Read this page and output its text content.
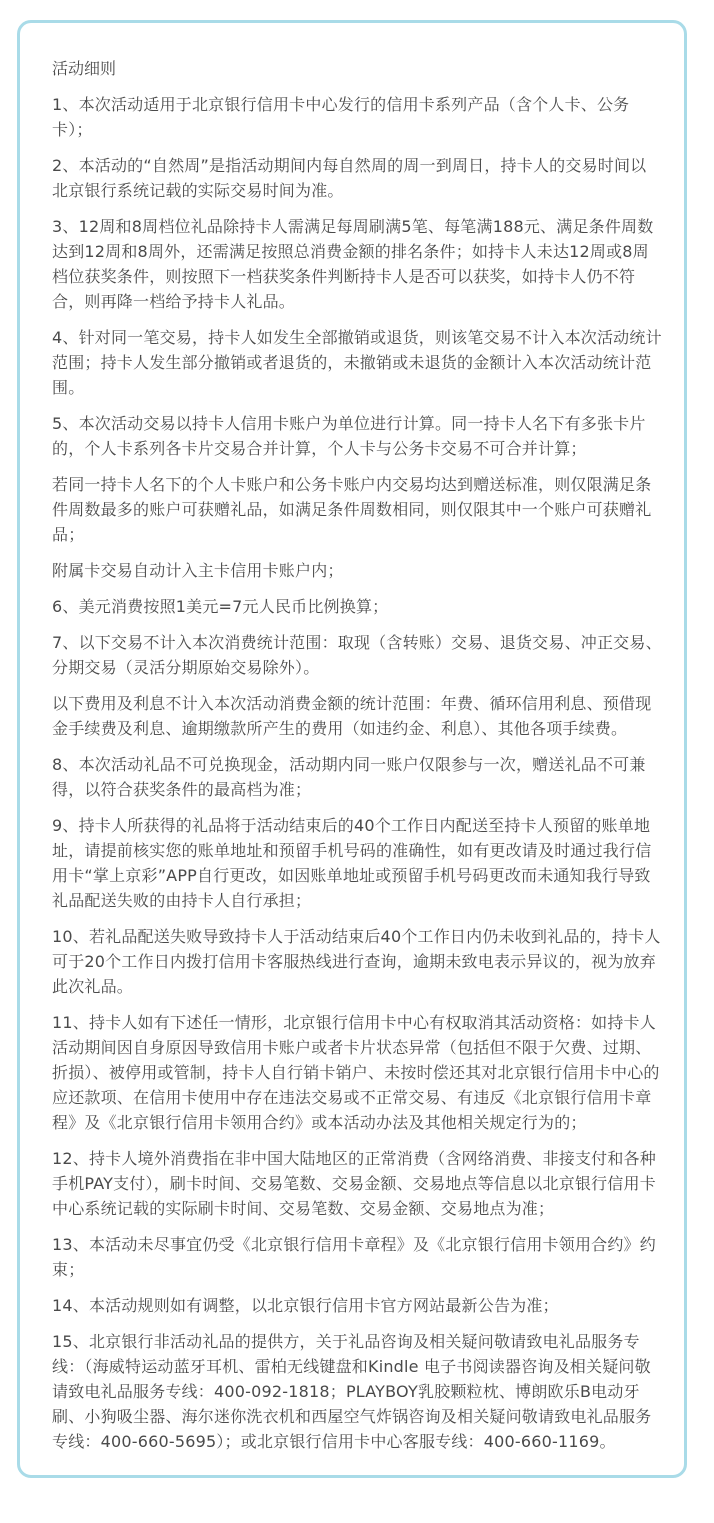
活动细则
1、本次活动适用于北京银行信用卡中心发行的信用卡系列产品（含个人卡、公务卡）；
2、本活动的“自然周”是指活动期间内每自然周的周一到周日，持卡人的交易时间以北京银行系统记载的实际交易时间为准。
3、12周和8周档位礼品除持卡人需满足每周刷满5笔、每笔满188元、满足条件周数达到12周和8周外，还需满足按照总消费金额的排名条件；如持卡人未达12周或8周档位获奖条件，则按照下一档获奖条件判断持卡人是否可以获奖，如持卡人仍不符合，则再降一档给予持卡人礼品。
4、针对同一笔交易，持卡人如发生全部撤销或退货，则该笔交易不计入本次活动统计范围；持卡人发生部分撤销或者退货的，未撤销或未退货的金额计入本次活动统计范围。
5、本次活动交易以持卡人信用卡账户为单位进行计算。同一持卡人名下有多张卡片的，个人卡系列各卡片交易合并计算，个人卡与公务卡交易不可合并计算；
若同一持卡人名下的个人卡账户和公务卡账户内交易均达到赠送标准，则仅限满足条件周数最多的账户可获赠礼品，如满足条件周数相同，则仅限其中一个账户可获赠礼品；
附属卡交易自动计入主卡信用卡账户内；
6、美元消费按照1美元=7元人民币比例换算；
7、以下交易不计入本次消费统计范围：取现（含转账）交易、退货交易、冲正交易、分期交易（灵活分期原始交易除外）。
以下费用及利息不计入本次活动消费金额的统计范围：年费、循环信用利息、预借现金手续费及利息、逾期缴款所产生的费用（如违约金、利息）、其他各项手续费。
8、本次活动礼品不可兑换现金，活动期内同一账户仅限参与一次，赠送礼品不可兼得，以符合获奖条件的最高档为准；
9、持卡人所获得的礼品将于活动结束后的40个工作日内配送至持卡人预留的账单地址，请提前核实您的账单地址和预留手机号码的准确性，如有更改请及时通过我行信用卡“掌上京彩”APP自行更改，如因账单地址或预留手机号码更改而未通知我行导致礼品配送失败的由持卡人自行承担；
10、若礼品配送失败导致持卡人于活动结束后40个工作日内仍未收到礼品的，持卡人可于20个工作日内拨打信用卡客服热线进行查询，逾期未致电表示异议的，视为放弃此次礼品。
11、持卡人如有下述任一情形，北京银行信用卡中心有权取消其活动资格：如持卡人活动期间因自身原因导致信用卡账户或者卡片状态异常（包括但不限于欠费、过期、折损）、被停用或管制，持卡人自行销卡销户、未按时偿还其对北京银行信用卡中心的应还款项、在信用卡使用中存在违法交易或不正常交易、有违反《北京银行信用卡章程》及《北京银行信用卡领用合约》或本活动办法及其他相关规定行为的；
12、持卡人境外消费指在非中国大陆地区的正常消费（含网络消费、非接支付和各种手机PAY支付），刷卡时间、交易笔数、交易金额、交易地点等信息以北京银行信用卡中心系统记载的实际刷卡时间、交易笔数、交易金额、交易地点为准；
13、本活动未尽事宜仍受《北京银行信用卡章程》及《北京银行信用卡领用合约》约束；
14、本活动规则如有调整，以北京银行信用卡官方网站最新公告为准；
15、北京银行非活动礼品的提供方，关于礼品咨询及相关疑问敬请致电礼品服务专线：（海威特运动蓝牙耳机、雷柏无线键盘和Kindle 电子书阅读器咨询及相关疑问敬请致电礼品服务专线：400-092-1818；PLAYBOY乳胶颗粒枕、博朗欧乐B电动牙刷、小狗吸尘器、海尔迷你洗衣机和西屋空气炸锅咨询及相关疑问敬请致电礼品服务专线：400-660-5695）；或北京银行信用卡中心客服专线：400-660-1169。
